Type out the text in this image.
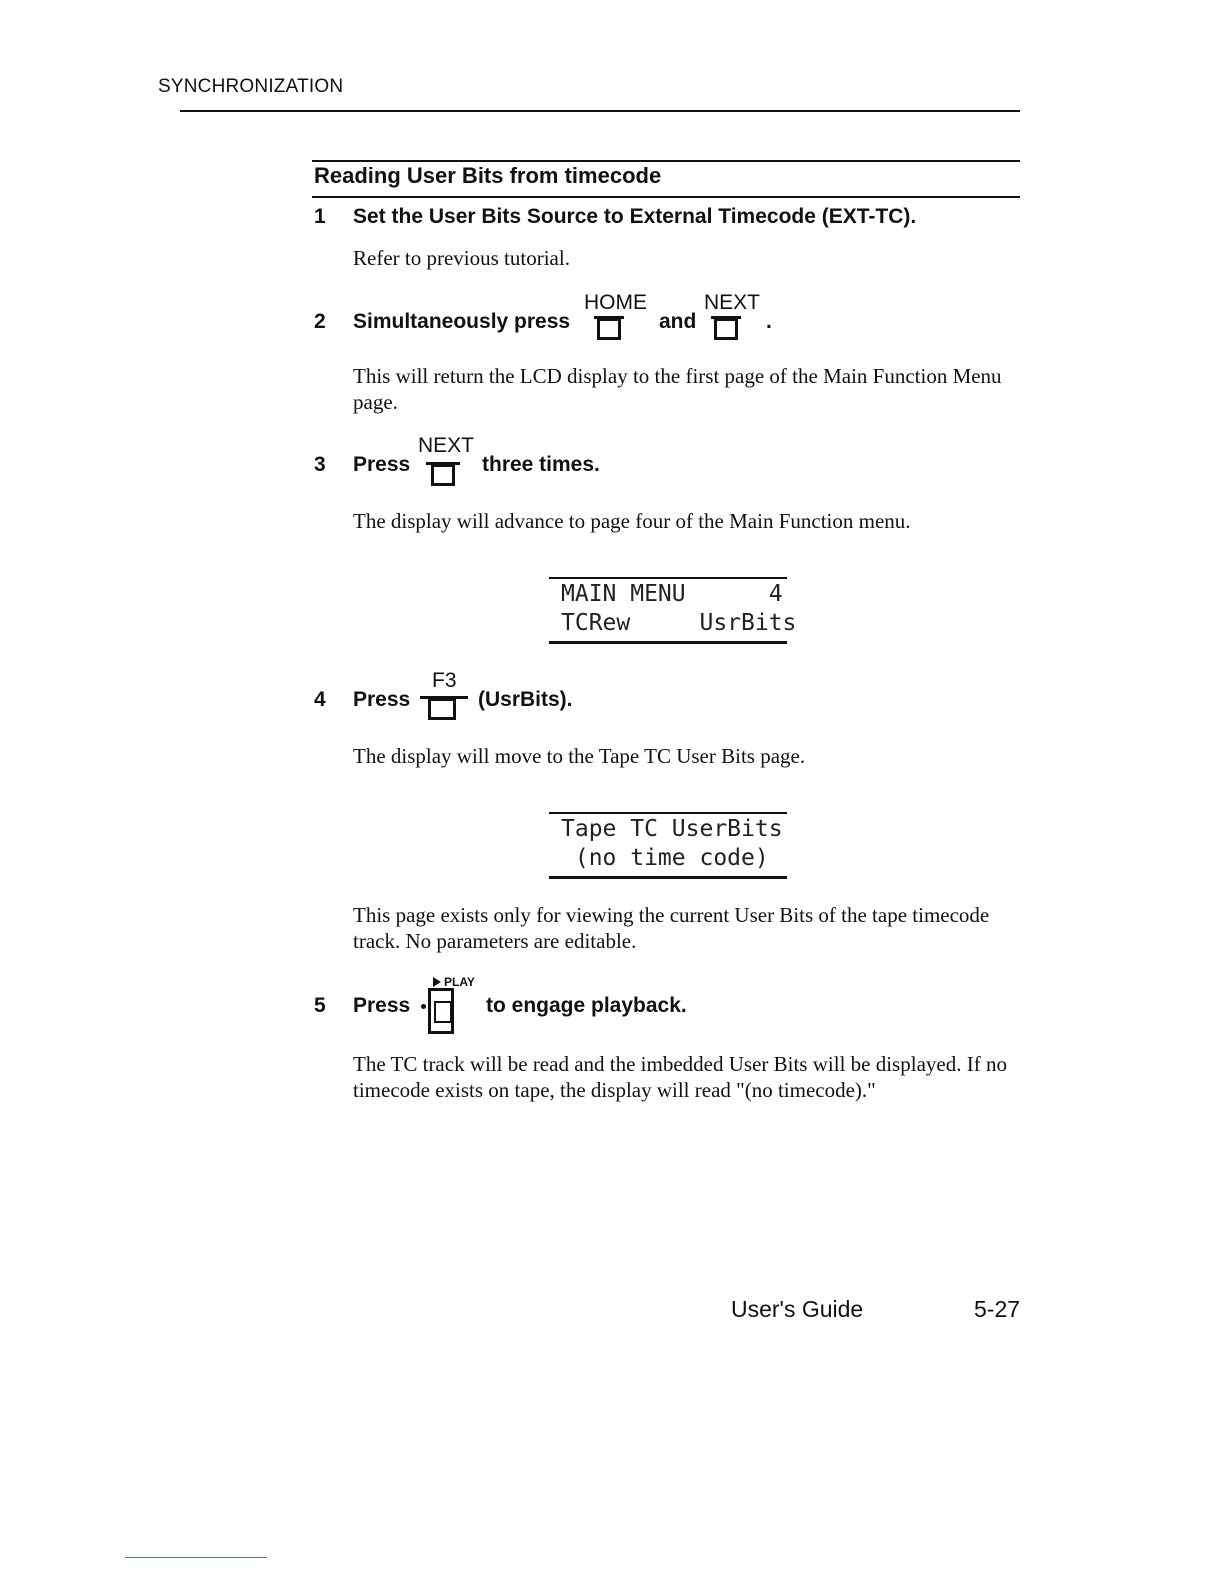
SYNCHRONIZATION
Reading User Bits from timecode
1 Set the User Bits Source to External Timecode (EXT-TC).
Refer to previous tutorial.
2 Simultaneously press
HOME
and
NEXT
.
This will return the LCD display to the first page of the Main Function Menu page.
3 Press
NEXT
three times.
The display will advance to page four of the Main Function menu.
MAIN MENU      4
TCRew     UsrBits
4 Press
F3
(UsrBits).
The display will move to the Tape TC User Bits page.
Tape TC UserBits
(no time code)
This page exists only for viewing the current User Bits of the tape timecode track. No parameters are editable.
5 Press
PLAY
to engage playback.
The TC track will be read and the imbedded User Bits will be displayed. If no timecode exists on tape, the display will read "(no timecode)."
User's Guide	5-27
